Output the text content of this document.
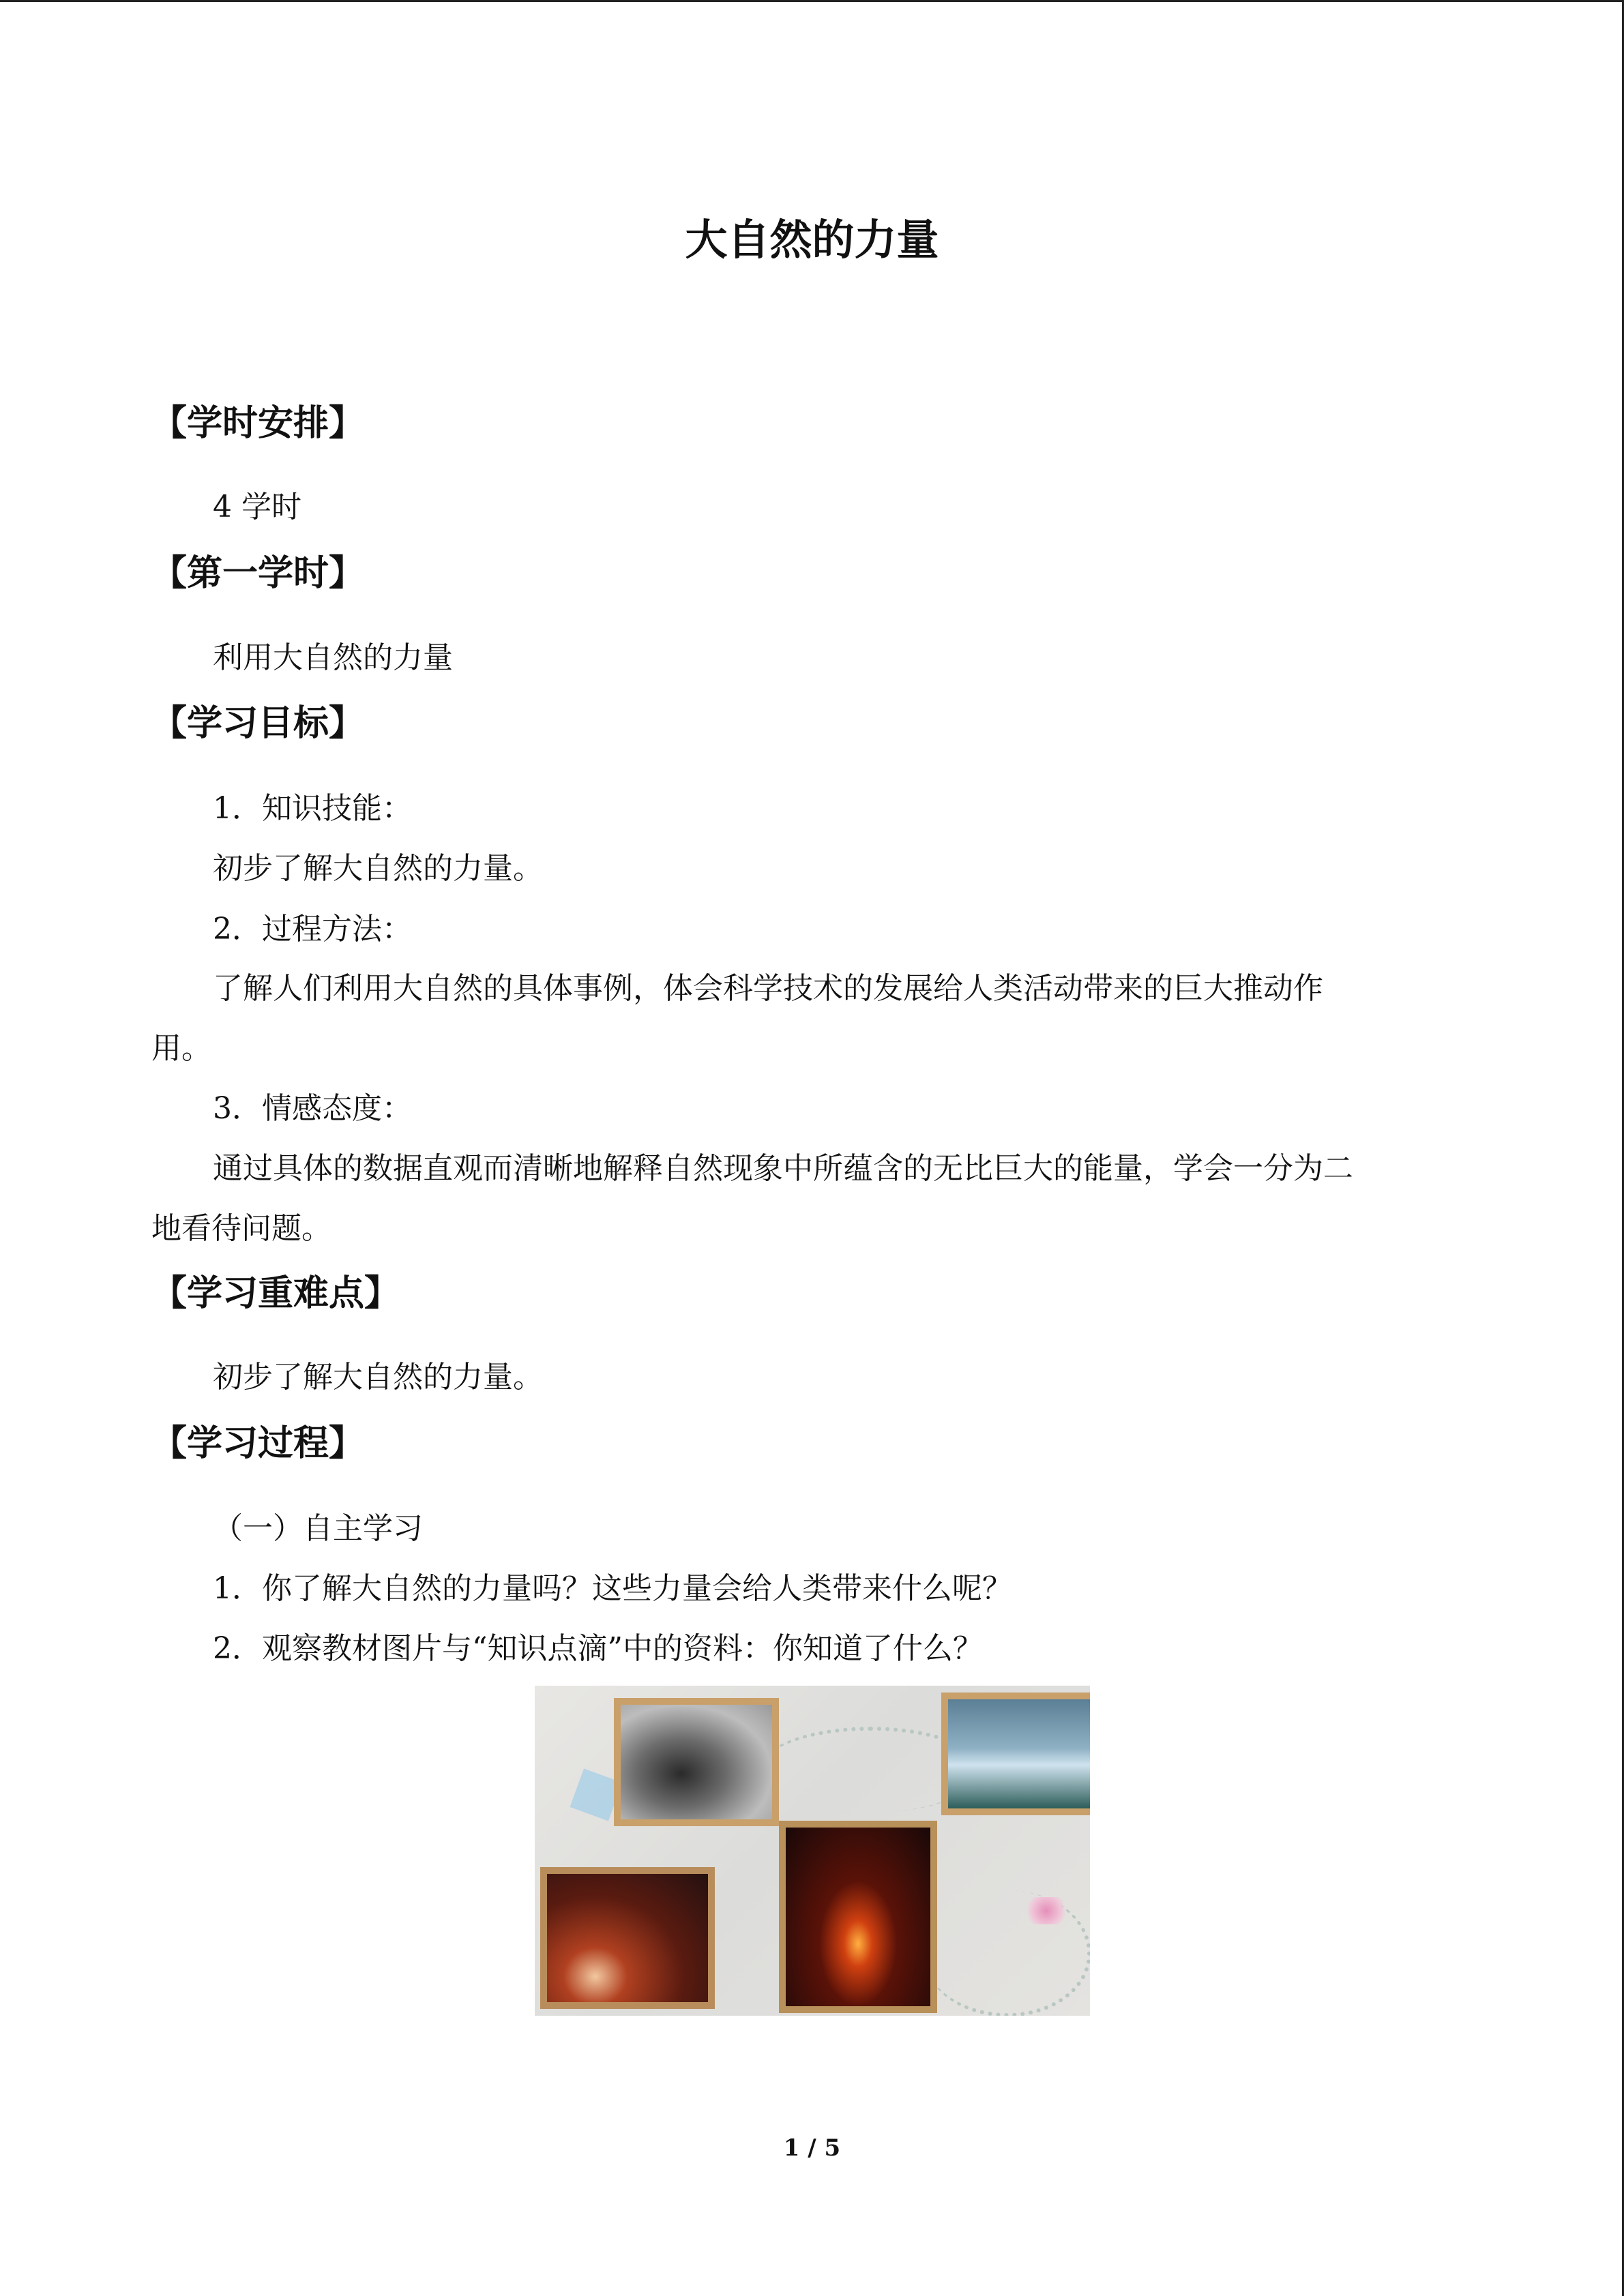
大自然的力量
【学时安排】

4 学时

【第一学时】

利用大自然的力量

【学习目标】

1．知识技能：

初步了解大自然的力量。

2．过程方法：

了解人们利用大自然的具体事例，体会科学技术的发展给人类活动带来的巨大推动作

用。

3．情感态度：

通过具体的数据直观而清晰地解释自然现象中所蕴含的无比巨大的能量，学会一分为二

地看待问题。

【学习重难点】

初步了解大自然的力量。

【学习过程】

（一）自主学习

1．你了解大自然的力量吗？这些力量会给人类带来什么呢？

2．观察教材图片与“知识点滴”中的资料：你知道了什么？

1 / 5
